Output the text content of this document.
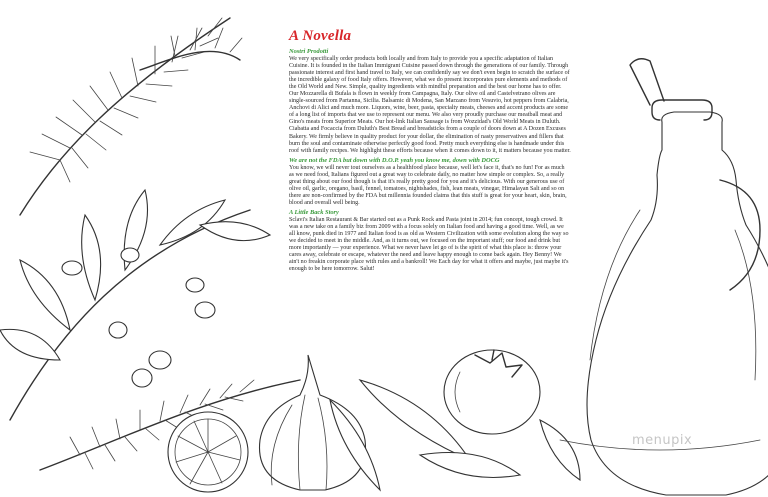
A Novella
Nostri Prodotti

We very specifically order products both locally and from Italy to provide you a specific adaptation of Italian Cuisine. It is founded in the Italian Immigrant Cuisine passed down through the generations of our family. Through passionate interest and first hand travel to Italy, we can confidently say we don't even begin to scratch the surface of the incredible galaxy of food Italy offers. However, what we do present incorporates pure elements and methods of the Old World and New. Simple, quality ingredients with mindful preparation and the best our home has to offer. Our Mozzarella di Bufala is flown in weekly from Campagna, Italy. Our olive oil and Castelvetrano olives are single-sourced from Partanna, Sicilia. Balsamic di Modena, San Marzano from Vesuvio, hot peppers from Calabria, Anchovi di Alici and much more. Liquors, wine, beer, pasta, specialty meats, cheeses and accent products are some of a long list of imports that we use to represent our menu. We also very proudly purchase our meatball meat and Gino's meats from Superior Meats. Our hot-link Italian Sausage is from Wozzidad's Old World Meats in Duluth. Ciabatta and Focaccia from Duluth's Best Bread and breadsticks from a couple of doors down at A Dozen Excuses Bakery. We firmly believe in quality product for your dollar, the elimination of nasty preservatives and fillers that burn the soul and contaminate otherwise perfectly good food. Pretty much everything else is handmade under this roof with family recipes. We highlight these efforts because when it comes down to it, it matters because you matter.

We are not the FDA but down with D.O.P. yeah you know me, down with DOCG

You know, we will never tout ourselves as a healthfood place because, well let's face it, that's no fun! For as much as we need food, Italians figured out a great way to celebrate daily, no matter how simple or complex. So, a really great thing about our food though is that it's really pretty good for you and it's delicious. With our generous use of olive oil, garlic, oregano, basil, fennel, tomatoes, nightshades, fish, lean meats, vinegar, Himalayan Salt and so on there are non-confirmed by the FDA but millennia founded claims that this stuff is great for your heart, skin, brain, blood and overall well being.

A Little Back Story

Sclavi's Italian Restaurant & Bar started out as a Punk Rock and Pasta joint in 2014; fun concept, tough crowd. It was a new take on a family biz from 2009 with a focus solely on Italian food and having a good time. Well, as we all know, punk died in 1977 and Italian food is as old as Western Civilization with some evolution along the way so we decided to meet in the middle. And, as it turns out, we focused on the important stuff; our food and drink but more importantly — your experience. What we never have let go of is the spirit of what this place is: throw your cares away, celebrate or escape, whatever the need and leave happy enough to come back again. Hey Benny! We ain't no freakin corporate place with rules and a bankroll! We Each day for what it offers and maybe, just maybe it's enough to be here tomorrow. Salut!

menupix
